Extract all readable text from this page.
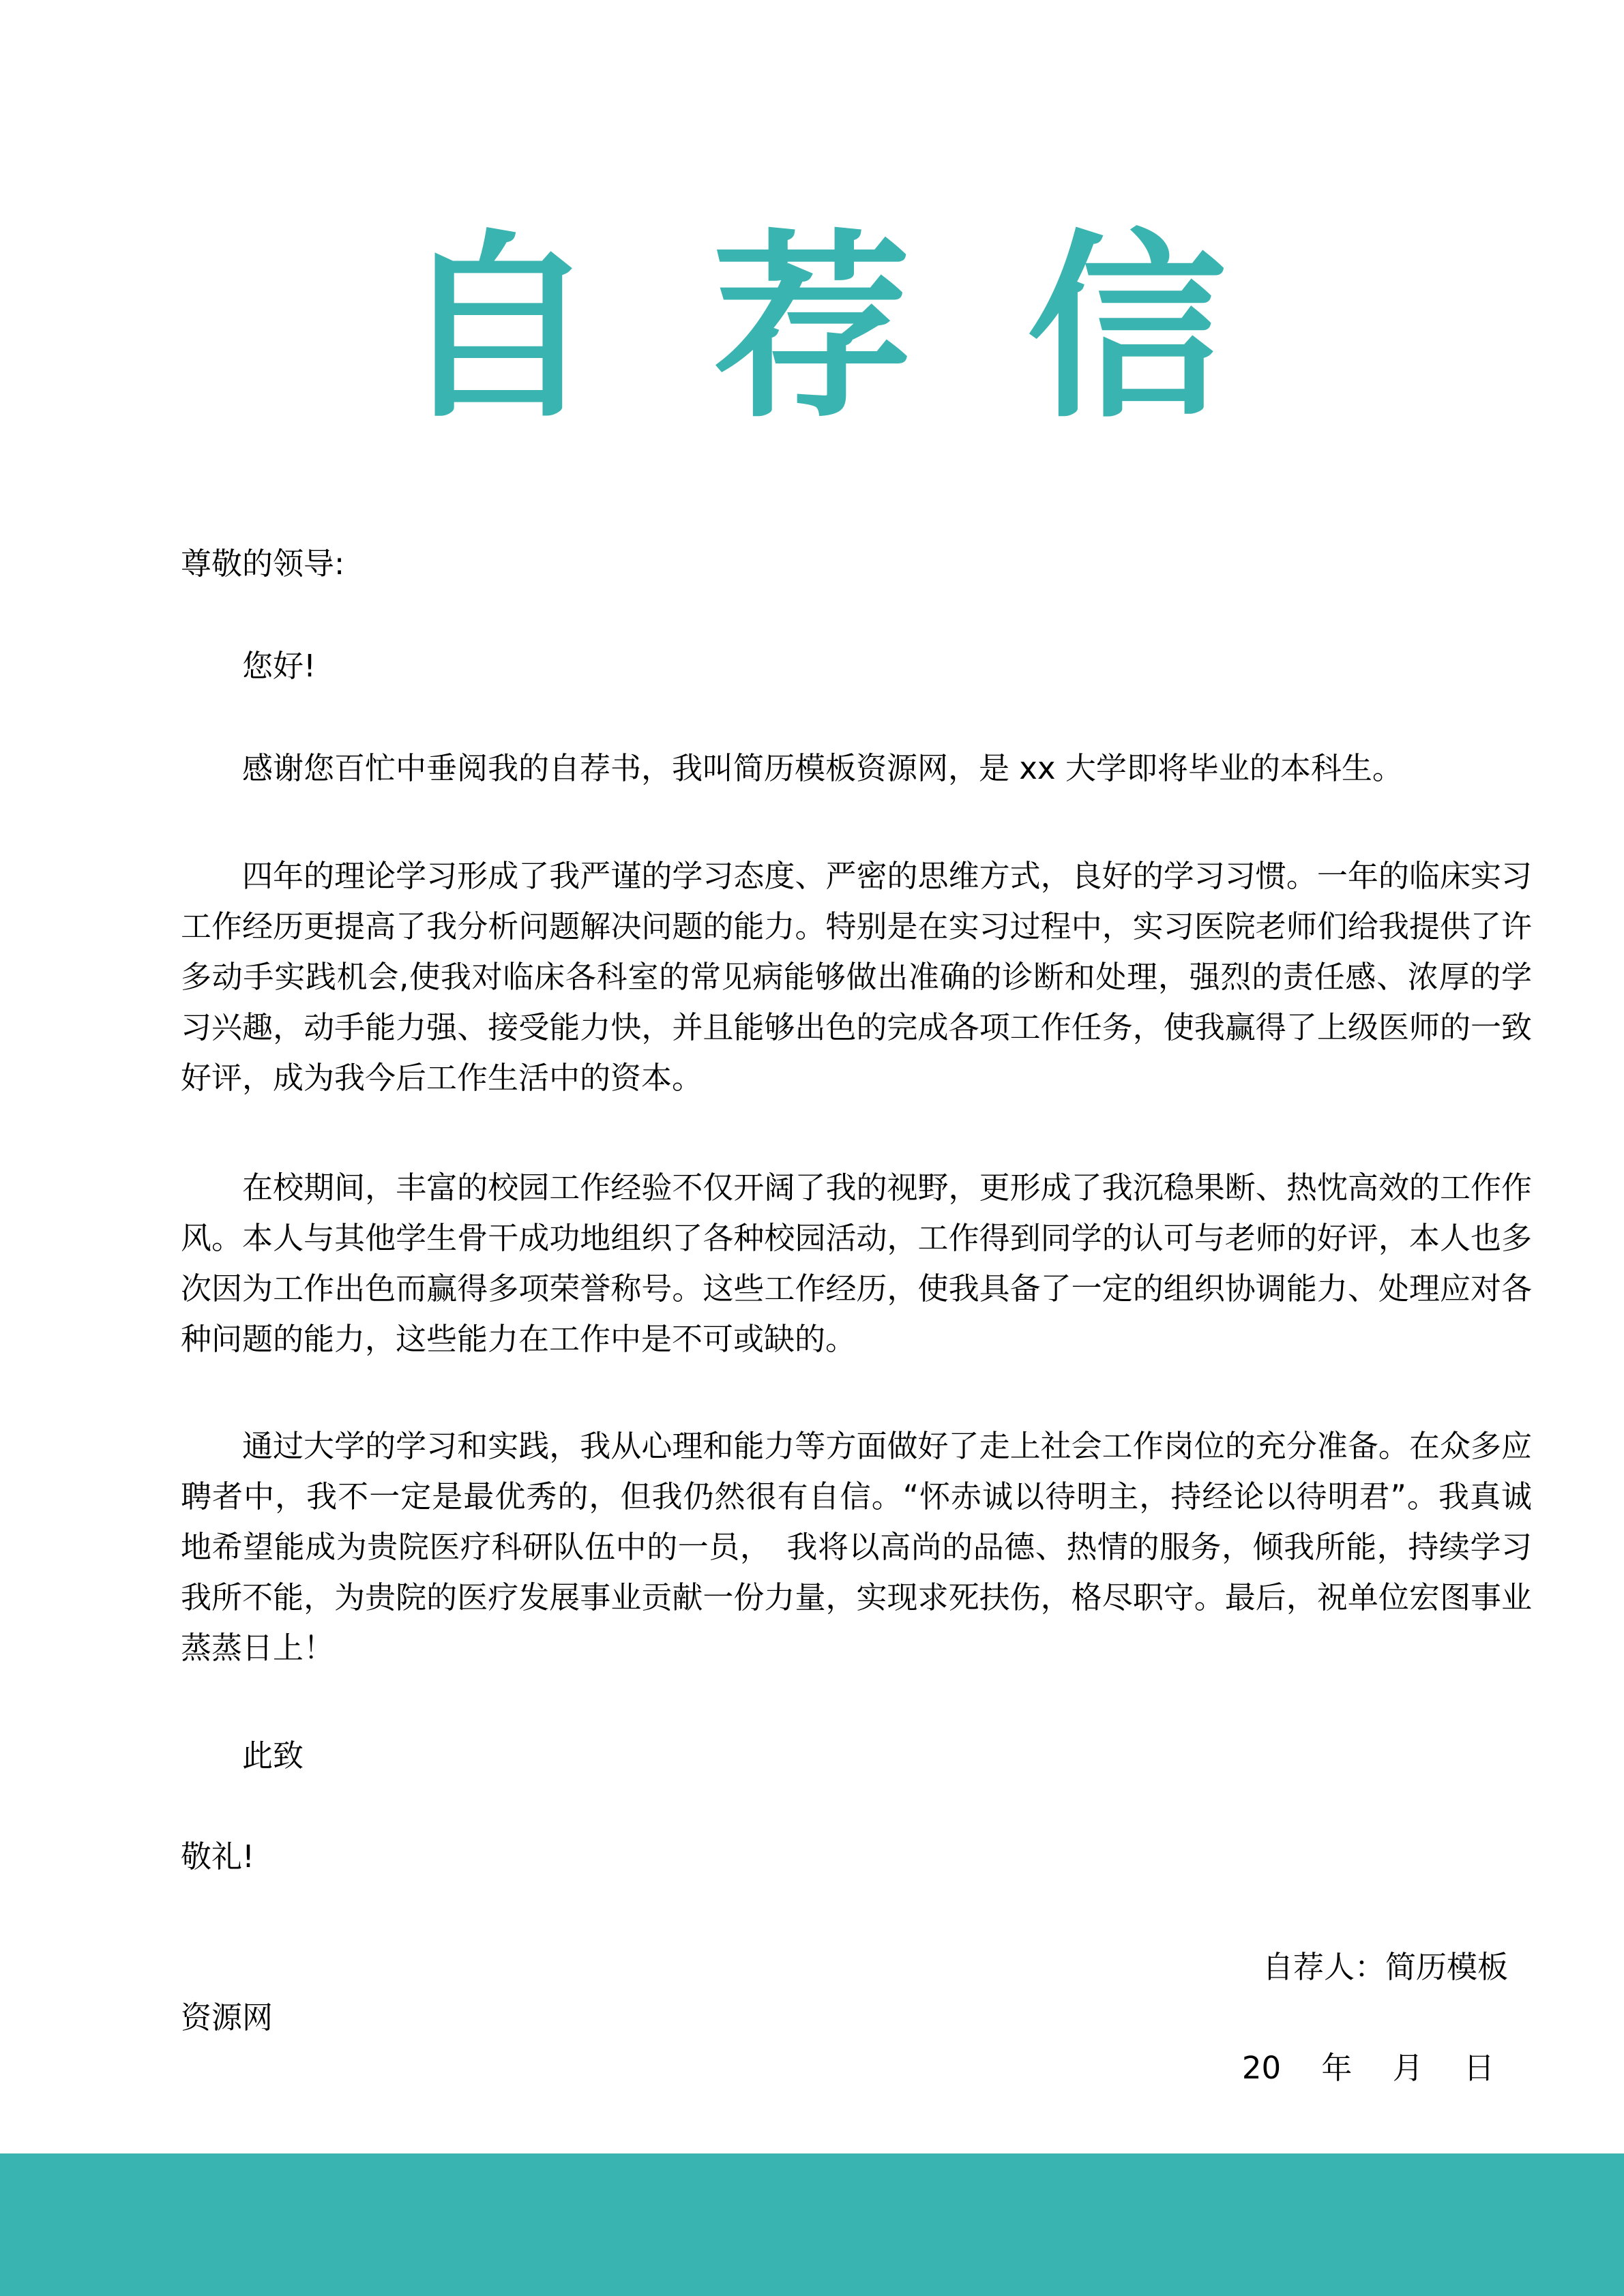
自荐信
尊敬的领导:
您好!

感谢您百忙中垂阅我的自荐书，我叫简历模板资源网，是 xx 大学即将毕业的本科生。

四年的理论学习形成了我严谨的学习态度、严密的思维方式，良好的学习习惯。一年的临床实习工作经历更提高了我分析问题解决问题的能力。特别是在实习过程中，实习医院老师们给我提供了许多动手实践机会,使我对临床各科室的常见病能够做出准确的诊断和处理，强烈的责任感、浓厚的学习兴趣，动手能力强、接受能力快，并且能够出色的完成各项工作任务，使我赢得了上级医师的一致好评，成为我今后工作生活中的资本。

在校期间，丰富的校园工作经验不仅开阔了我的视野，更形成了我沉稳果断、热忱高效的工作作风。本人与其他学生骨干成功地组织了各种校园活动，工作得到同学的认可与老师的好评，本人也多次因为工作出色而赢得多项荣誉称号。这些工作经历，使我具备了一定的组织协调能力、处理应对各种问题的能力，这些能力在工作中是不可或缺的。

通过大学的学习和实践，我从心理和能力等方面做好了走上社会工作岗位的充分准备。在众多应聘者中，我不一定是最优秀的，但我仍然很有自信。“怀赤诚以待明主，持经论以待明君”。我真诚地希望能成为贵院医疗科研队伍中的一员，　我将以高尚的品德、热情的服务，倾我所能，持续学习我所不能，为贵院的医疗发展事业贡献一份力量，实现求死扶伤，格尽职守。最后，祝单位宏图事业蒸蒸日上！

此致
敬礼!
自荐人：简历模板
资源网
20　 年　 月　 日
